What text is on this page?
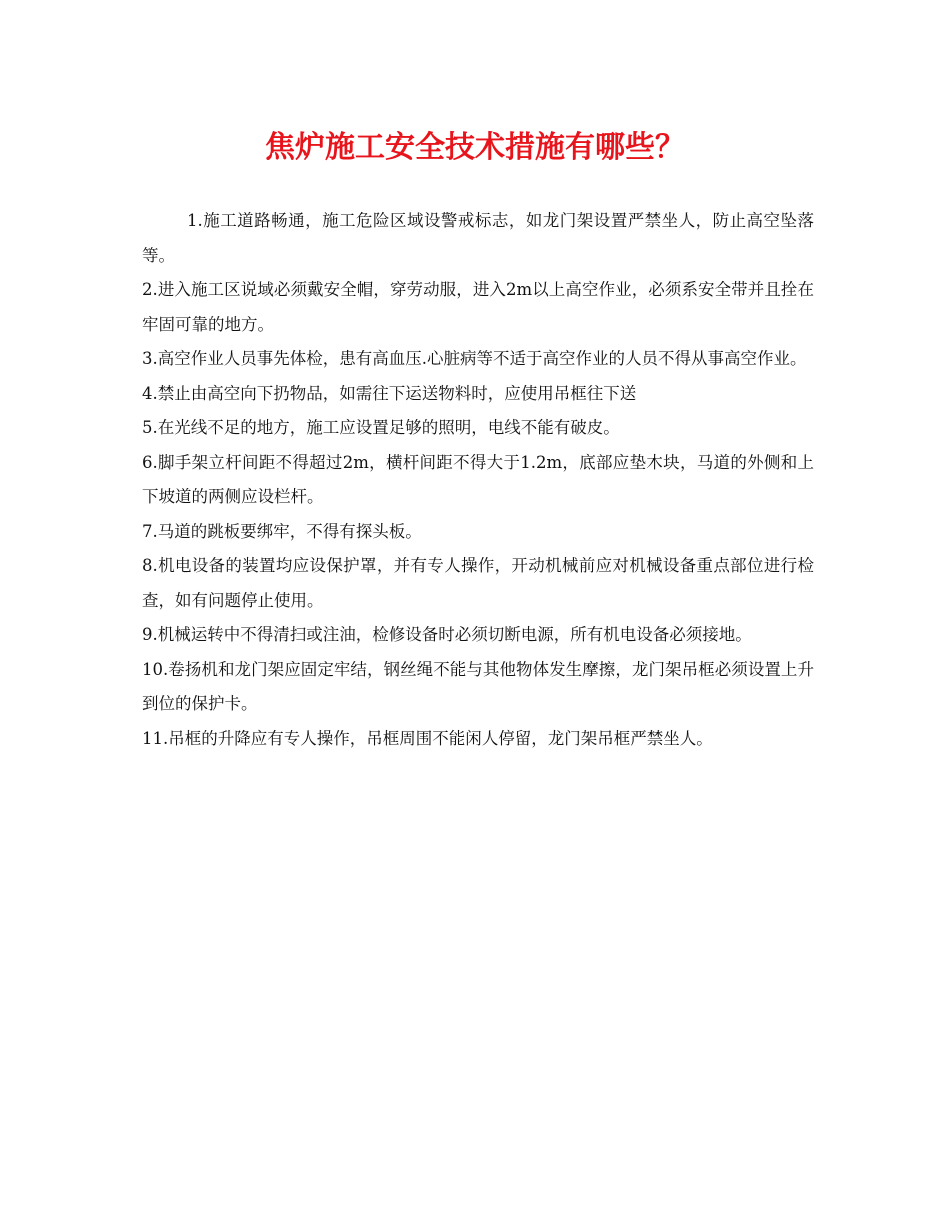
焦炉施工安全技术措施有哪些？

1.施工道路畅通，施工危险区域设警戒标志，如龙门架设置严禁坐人，防止高空坠落等。

2.进入施工区说域必须戴安全帽，穿劳动服，进入2m以上高空作业，必须系安全带并且拴在牢固可靠的地方。

3.高空作业人员事先体检，患有高血压.心脏病等不适于高空作业的人员不得从事高空作业。

4.禁止由高空向下扔物品，如需往下运送物料时，应使用吊框往下送

5.在光线不足的地方，施工应设置足够的照明，电线不能有破皮。

6.脚手架立杆间距不得超过2m，横杆间距不得大于1.2m，底部应垫木块，马道的外侧和上下坡道的两侧应设栏杆。

7.马道的跳板要绑牢，不得有探头板。

8.机电设备的装置均应设保护罩，并有专人操作，开动机械前应对机械设备重点部位进行检查，如有问题停止使用。

9.机械运转中不得清扫或注油，检修设备时必须切断电源，所有机电设备必须接地。

10.卷扬机和龙门架应固定牢结，钢丝绳不能与其他物体发生摩擦，龙门架吊框必须设置上升到位的保护卡。

11.吊框的升降应有专人操作，吊框周围不能闲人停留，龙门架吊框严禁坐人。
